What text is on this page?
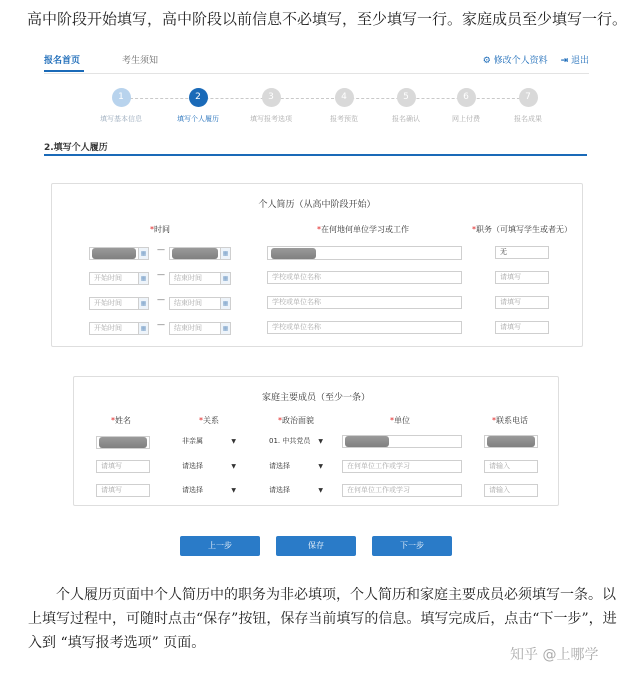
高中阶段开始填写，高中阶段以前信息不必填写，至少填写一行。家庭成员至少填写一行。
报名首页	考生须知	⚙ 修改个人资料 ⇥ 退出
1
填写基本信息
2
填写个人履历
3
填写报考选项
4
报考预览
5
报名确认
6
网上付费
7
报名成果
2.填写个人履历
个人简历（从高中阶段开始）
*时间	*在何地何单位学习或工作	*职务（可填写学生或者无）
▦ —	▦	无
开始时间	▦ —	结束时间	▦	学校或单位名称	请填写
开始时间	▦ —	结束时间	▦	学校或单位名称	请填写
开始时间	▦ —	结束时间	▦	学校或单位名称	请填写
家庭主要成员（至少一条）
*姓名	*关系	*政治面貌	*单位	*联系电话
非亲属	▼	01. 中共党员 ▼
请填写	请选择	▼	请选择	▼	在何单位工作或学习	请输入
请填写	请选择	▼	请选择	▼	在何单位工作或学习	请输入
上一步	保存	下一步
个人履历页面中个人简历中的职务为非必填项，个人简历和家庭主要成员必须填写一条。以上填写过程中，可随时点击“保存”按钮，保存当前填写的信息。填写完成后，点击“下一步”，进入到 “填写报考选项” 页面。
知乎 @上哪学
